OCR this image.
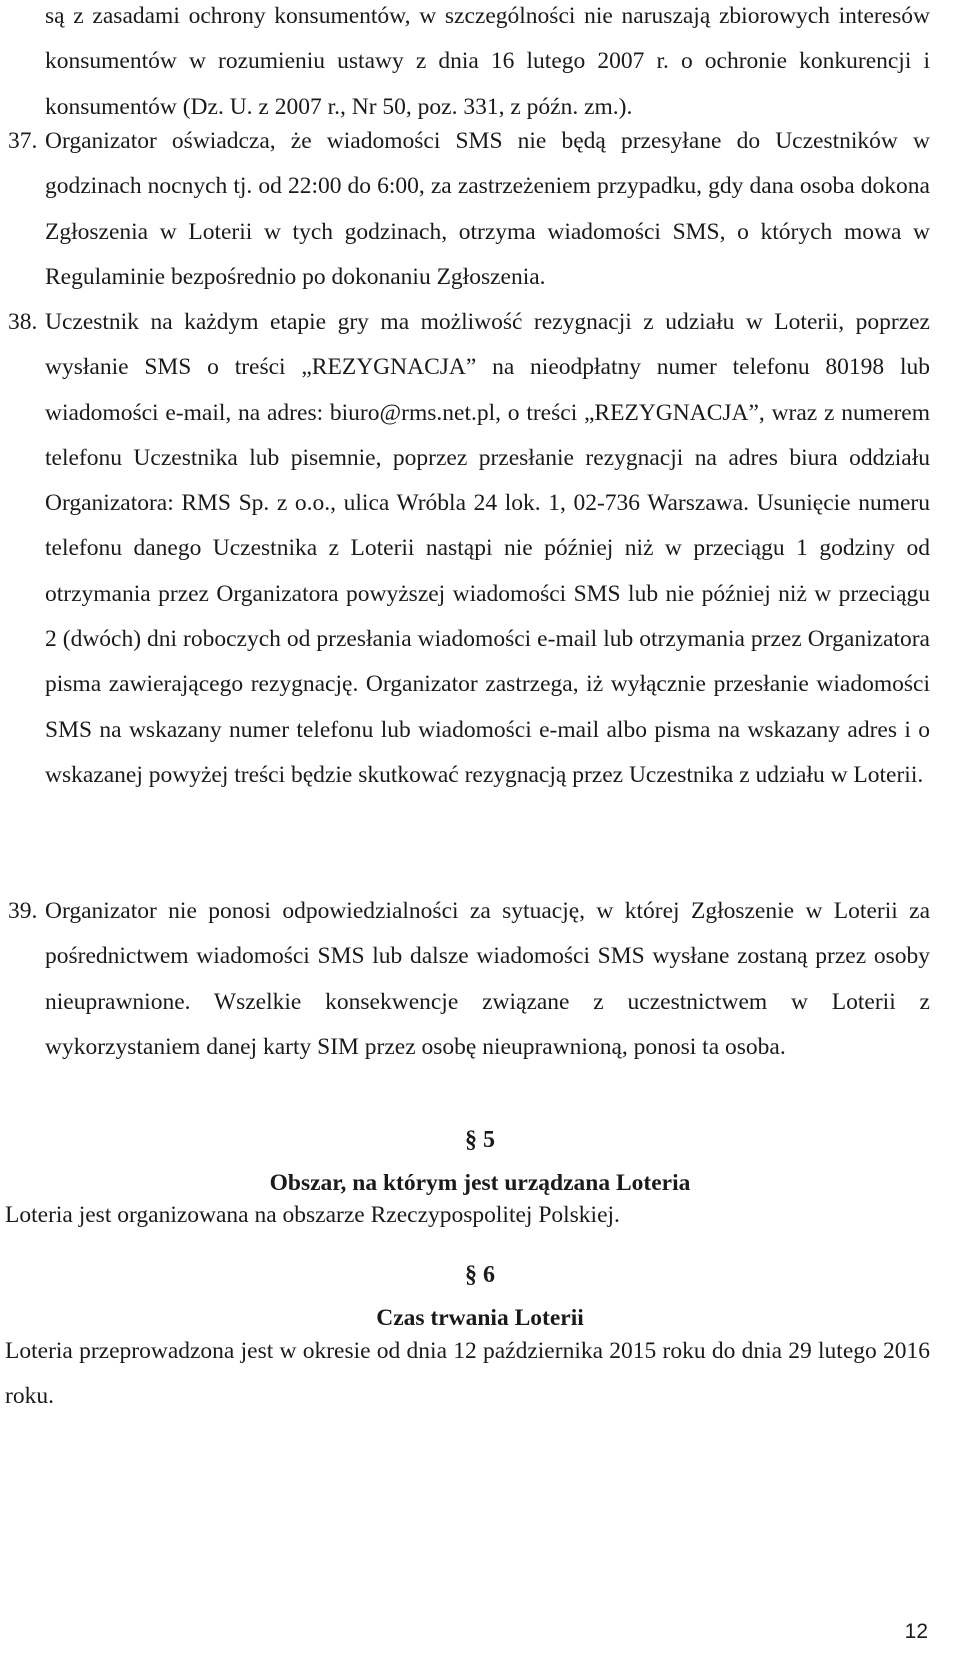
są z zasadami ochrony konsumentów, w szczególności nie naruszają zbiorowych interesów konsumentów w rozumieniu ustawy z dnia 16 lutego 2007 r. o ochronie konkurencji i konsumentów (Dz. U. z 2007 r., Nr 50, poz. 331, z późn. zm.).

37. Organizator oświadcza, że wiadomości SMS nie będą przesyłane do Uczestników w godzinach nocnych tj. od 22:00 do 6:00, za zastrzeżeniem przypadku, gdy dana osoba dokona Zgłoszenia w Loterii w tych godzinach, otrzyma wiadomości SMS, o których mowa w Regulaminie bezpośrednio po dokonaniu Zgłoszenia.
38. Uczestnik na każdym etapie gry ma możliwość rezygnacji z udziału w Loterii, poprzez wysłanie SMS o treści „REZYGNACJA” na nieodpłatny numer telefonu 80198 lub wiadomości e-mail, na adres: biuro@rms.net.pl, o treści „REZYGNACJA”, wraz z numerem telefonu Uczestnika lub pisemnie, poprzez przesłanie rezygnacji na adres biura oddziału Organizatora: RMS Sp. z o.o., ulica Wróbla 24 lok. 1, 02-736 Warszawa. Usunięcie numeru telefonu danego Uczestnika z Loterii nastąpi nie później niż w przeciągu 1 godziny od otrzymania przez Organizatora powyższej wiadomości SMS lub nie później niż w przeciągu 2 (dwóch) dni roboczych od przesłania wiadomości e-mail lub otrzymania przez Organizatora pisma zawierającego rezygnację. Organizator zastrzega, iż wyłącznie przesłanie wiadomości SMS na wskazany numer telefonu lub wiadomości e-mail albo pisma na wskazany adres i o wskazanej powyżej treści będzie skutkować rezygnacją przez Uczestnika z udziału w Loterii.
39. Organizator nie ponosi odpowiedzialności za sytuację, w której Zgłoszenie w Loterii za pośrednictwem wiadomości SMS lub dalsze wiadomości SMS wysłane zostaną przez osoby nieuprawnione. Wszelkie konsekwencje związane z uczestnictwem w Loterii z wykorzystaniem danej karty SIM przez osobę nieuprawnioną, ponosi ta osoba.

§ 5

Obszar, na którym jest urządzana Loteria

Loteria jest organizowana na obszarze Rzeczypospolitej Polskiej.

§ 6

Czas trwania Loterii

Loteria przeprowadzona jest w okresie od dnia 12 października 2015 roku do dnia 29 lutego 2016 roku.

12
